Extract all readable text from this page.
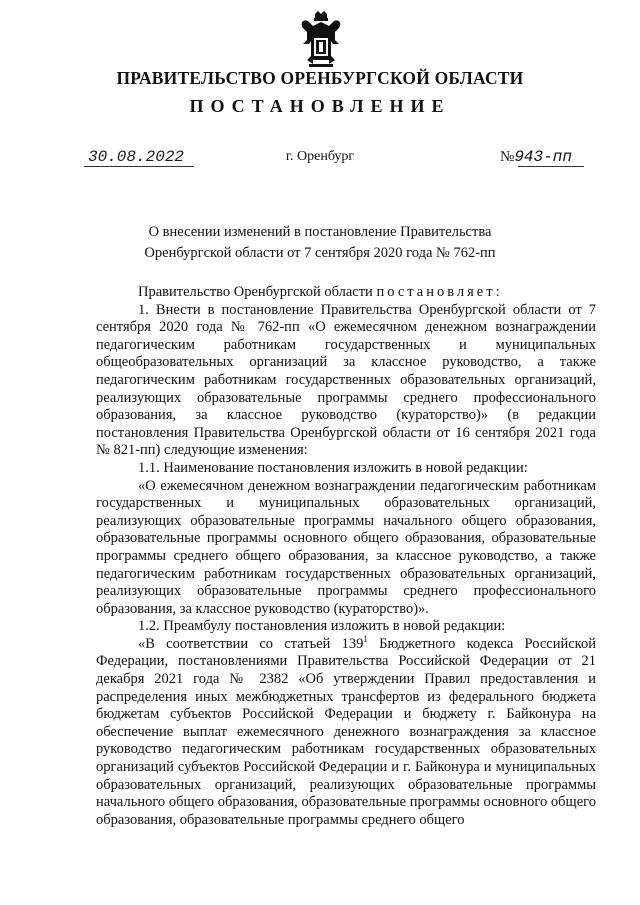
ПРАВИТЕЛЬСТВО ОРЕНБУРГСКОЙ ОБЛАСТИ
ПОСТАНОВЛЕНИЕ
30.08.2022	г. Оренбург	№943-пп
О внесении изменений в постановление Правительства
Оренбургской области от 7 сентября 2020 года № 762-пп

Правительство Оренбургской области постановляет:

1. Внести в постановление Правительства Оренбургской области от 7 сентября 2020 года № 762-пп «О ежемесячном денежном вознаграждении педагогическим работникам государственных и муниципальных общеобразовательных организаций за классное руководство, а также педагогическим работникам государственных образовательных организаций, реализующих образовательные программы среднего профессионального образования, за классное руководство (кураторство)» (в редакции постановления Правительства Оренбургской области от 16 сентября 2021 года № 821-пп) следующие изменения:

1.1. Наименование постановления изложить в новой редакции:

«О ежемесячном денежном вознаграждении педагогическим работникам государственных и муниципальных образовательных организаций, реализующих образовательные программы начального общего образования, образовательные программы основного общего образования, образовательные программы среднего общего образования, за классное руководство, а также педагогическим работникам государственных образовательных организаций, реализующих образовательные программы среднего профессионального образования, за классное руководство (кураторство)».

1.2. Преамбулу постановления изложить в новой редакции:

«В соответствии со статьей $139^1$ Бюджетного кодекса Российской Федерации, постановлениями Правительства Российской Федерации от 21 декабря 2021 года № 2382 «Об утверждении Правил предоставления и распределения иных межбюджетных трансфертов из федерального бюджета бюджетам субъектов Российской Федерации и бюджету г. Байконура на обеспечение выплат ежемесячного денежного вознаграждения за классное руководство педагогическим работникам государственных образовательных организаций субъектов Российской Федерации и г. Байконура и муниципальных образовательных организаций, реализующих образовательные программы начального общего образования, образовательные программы основного общего образования, образовательные программы среднего общего
